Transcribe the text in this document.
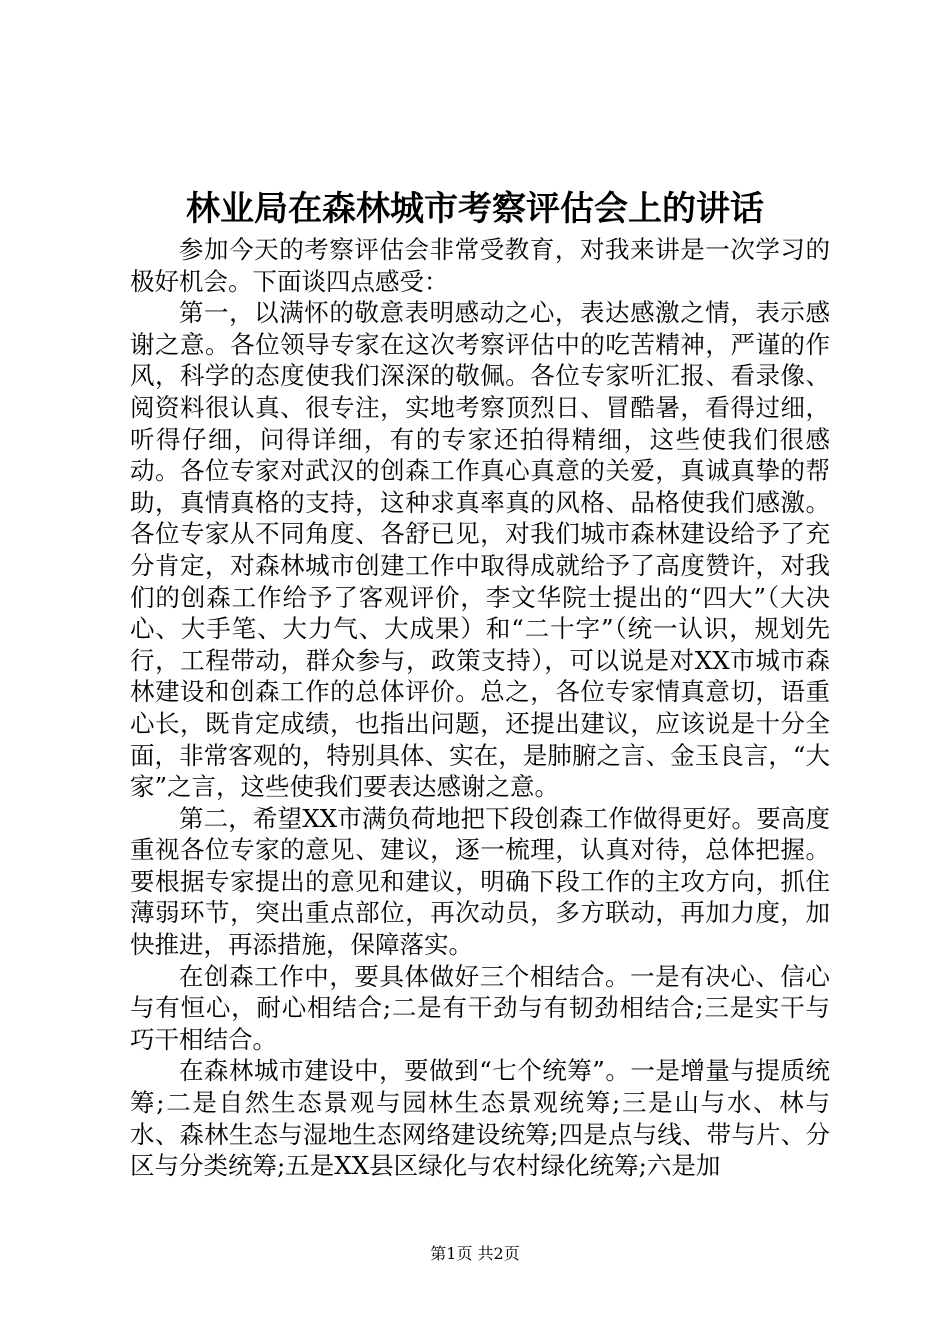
林业局在森林城市考察评估会上的讲话

参加今天的考察评估会非常受教育，对我来讲是一次学习的极好机会。下面谈四点感受：

第一，以满怀的敬意表明感动之心，表达感激之情，表示感谢之意。各位领导专家在这次考察评估中的吃苦精神，严谨的作风，科学的态度使我们深深的敬佩。各位专家听汇报、看录像、阅资料很认真、很专注，实地考察顶烈日、冒酷暑，看得过细，听得仔细，问得详细，有的专家还拍得精细，这些使我们很感动。各位专家对武汉的创森工作真心真意的关爱，真诚真挚的帮助，真情真格的支持，这种求真率真的风格、品格使我们感激。各位专家从不同角度、各舒已见，对我们城市森林建设给予了充分肯定，对森林城市创建工作中取得成就给予了高度赞许，对我们的创森工作给予了客观评价，李文华院士提出的“四大”（大决心、大手笔、大力气、大成果）和“二十字”（统一认识，规划先行，工程带动，群众参与，政策支持），可以说是对XX市城市森林建设和创森工作的总体评价。总之，各位专家情真意切，语重心长，既肯定成绩，也指出问题，还提出建议，应该说是十分全面，非常客观的，特别具体、实在，是肺腑之言、金玉良言，“大家”之言，这些使我们要表达感谢之意。

第二，希望XX市满负荷地把下段创森工作做得更好。要高度重视各位专家的意见、建议，逐一梳理，认真对待，总体把握。要根据专家提出的意见和建议，明确下段工作的主攻方向，抓住薄弱环节，突出重点部位，再次动员，多方联动，再加力度，加快推进，再添措施，保障落实。

在创森工作中，要具体做好三个相结合。一是有决心、信心与有恒心，耐心相结合;二是有干劲与有韧劲相结合;三是实干与巧干相结合。

在森林城市建设中，要做到“七个统筹”。一是增量与提质统筹;二是自然生态景观与园林生态景观统筹;三是山与水、林与水、森林生态与湿地生态网络建设统筹;四是点与线、带与片、分区与分类统筹;五是XX县区绿化与农村绿化统筹;六是加

第1页 共2页
